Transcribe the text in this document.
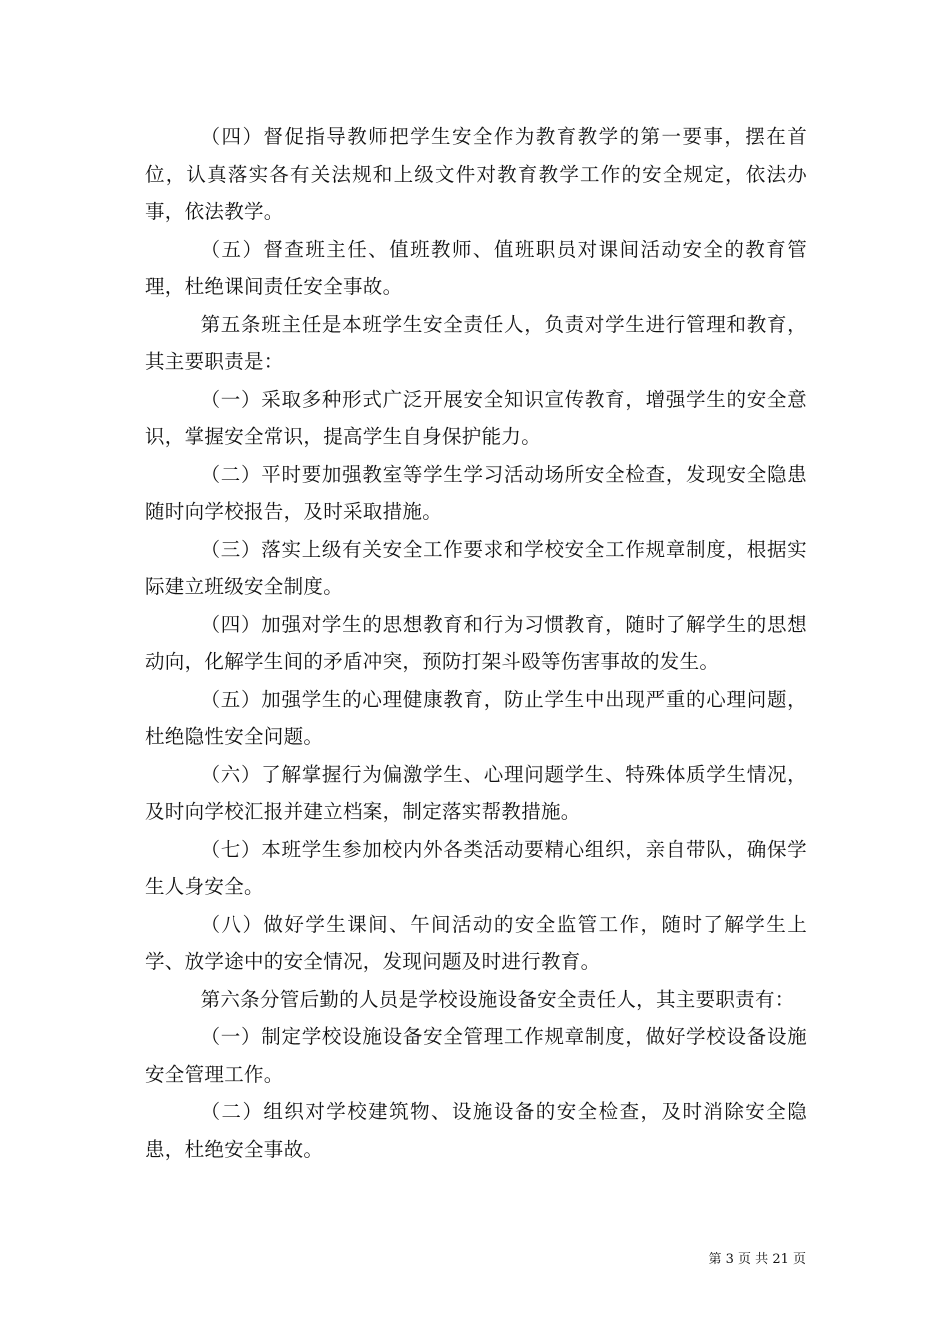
（四）督促指导教师把学生安全作为教育教学的第一要事，摆在首位，认真落实各有关法规和上级文件对教育教学工作的安全规定，依法办事，依法教学。

（五）督查班主任、值班教师、值班职员对课间活动安全的教育管理，杜绝课间责任安全事故。

第五条班主任是本班学生安全责任人，负责对学生进行管理和教育，其主要职责是：

（一）采取多种形式广泛开展安全知识宣传教育，增强学生的安全意识，掌握安全常识，提高学生自身保护能力。

（二）平时要加强教室等学生学习活动场所安全检查，发现安全隐患随时向学校报告，及时采取措施。

（三）落实上级有关安全工作要求和学校安全工作规章制度，根据实际建立班级安全制度。

（四）加强对学生的思想教育和行为习惯教育，随时了解学生的思想动向，化解学生间的矛盾冲突，预防打架斗殴等伤害事故的发生。

（五）加强学生的心理健康教育，防止学生中出现严重的心理问题，杜绝隐性安全问题。

（六）了解掌握行为偏激学生、心理问题学生、特殊体质学生情况，及时向学校汇报并建立档案，制定落实帮教措施。

（七）本班学生参加校内外各类活动要精心组织，亲自带队，确保学生人身安全。

（八）做好学生课间、午间活动的安全监管工作，随时了解学生上学、放学途中的安全情况，发现问题及时进行教育。

第六条分管后勤的人员是学校设施设备安全责任人，其主要职责有：

（一）制定学校设施设备安全管理工作规章制度，做好学校设备设施安全管理工作。

（二）组织对学校建筑物、设施设备的安全检查，及时消除安全隐患，杜绝安全事故。

第 3 页 共 21 页
